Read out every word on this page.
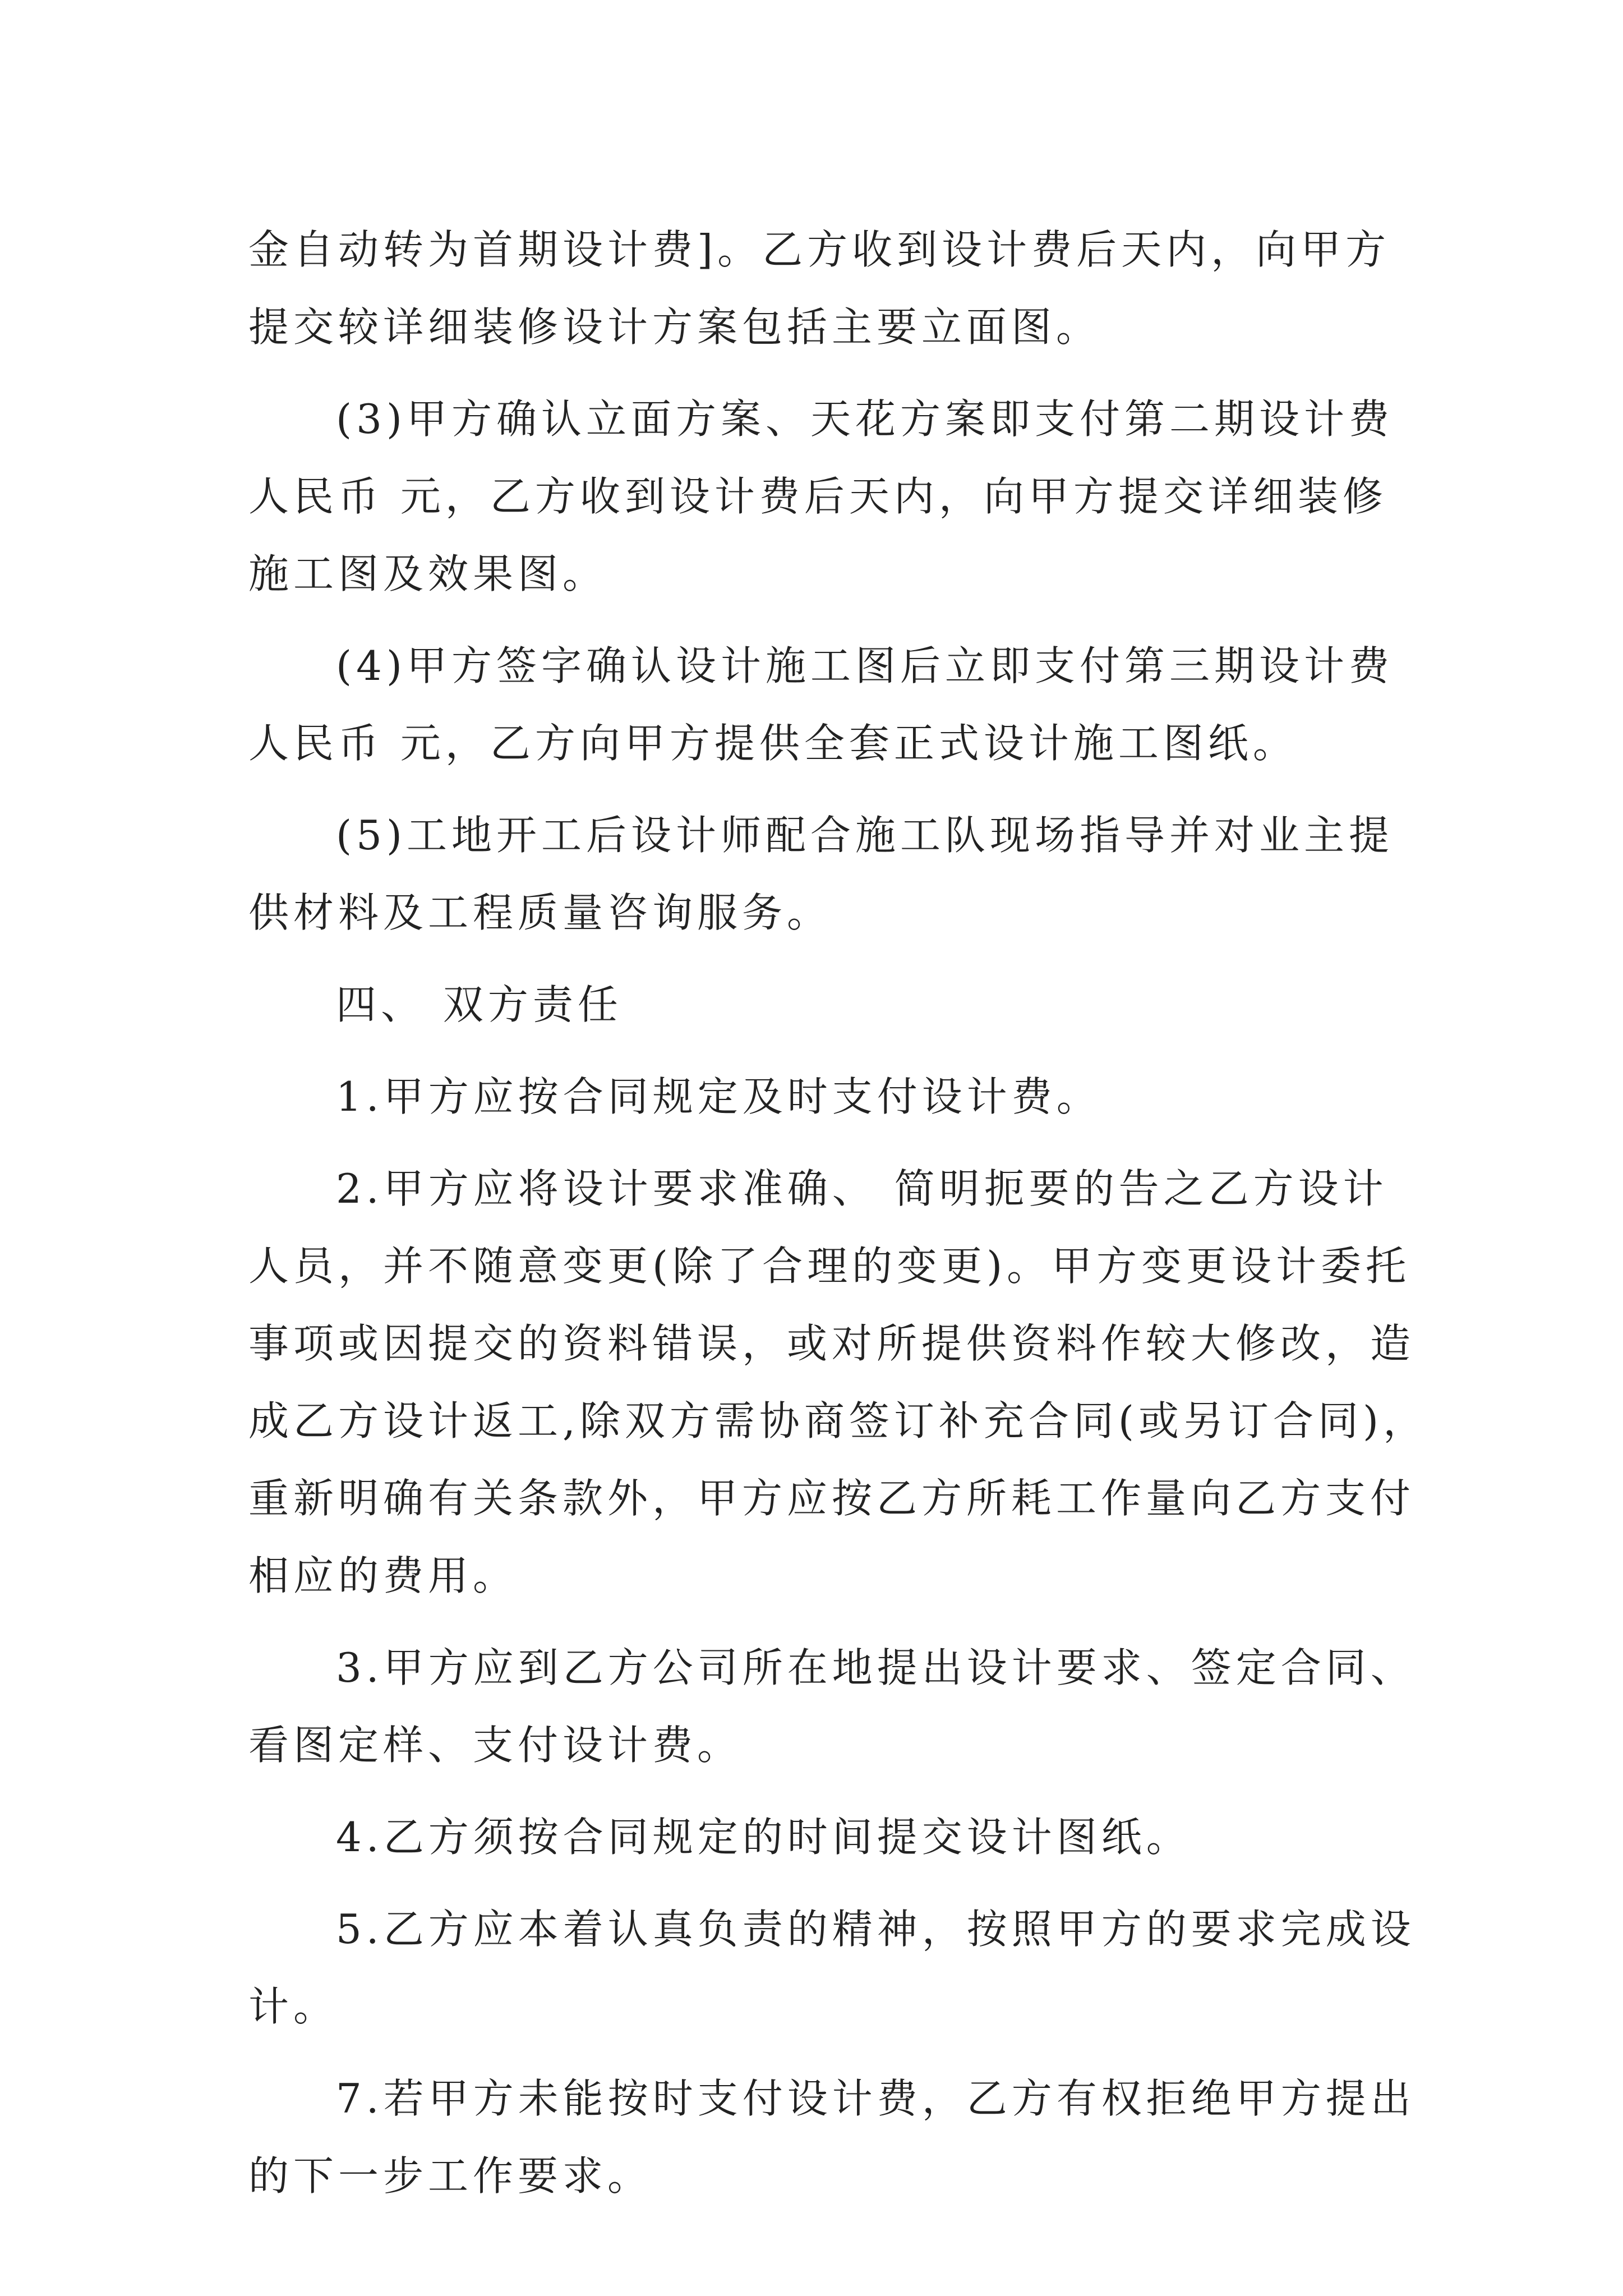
金自动转为首期设计费]。乙方收到设计费后天内，向甲方
提交较详细装修设计方案包括主要立面图。
(3)甲方确认立面方案、天花方案即支付第二期设计费
人民币 元，乙方收到设计费后天内，向甲方提交详细装修
施工图及效果图。
(4)甲方签字确认设计施工图后立即支付第三期设计费
人民币 元，乙方向甲方提供全套正式设计施工图纸。
(5)工地开工后设计师配合施工队现场指导并对业主提
供材料及工程质量咨询服务。
四、 双方责任
1.甲方应按合同规定及时支付设计费。
2.甲方应将设计要求准确、 简明扼要的告之乙方设计
人员，并不随意变更(除了合理的变更)。甲方变更设计委托
事项或因提交的资料错误，或对所提供资料作较大修改，造
成乙方设计返工,除双方需协商签订补充合同(或另订合同)，
重新明确有关条款外，甲方应按乙方所耗工作量向乙方支付
相应的费用。
3.甲方应到乙方公司所在地提出设计要求、签定合同、
看图定样、支付设计费。
4.乙方须按合同规定的时间提交设计图纸。
5.乙方应本着认真负责的精神，按照甲方的要求完成设
计。
7.若甲方未能按时支付设计费，乙方有权拒绝甲方提出
的下一步工作要求。
